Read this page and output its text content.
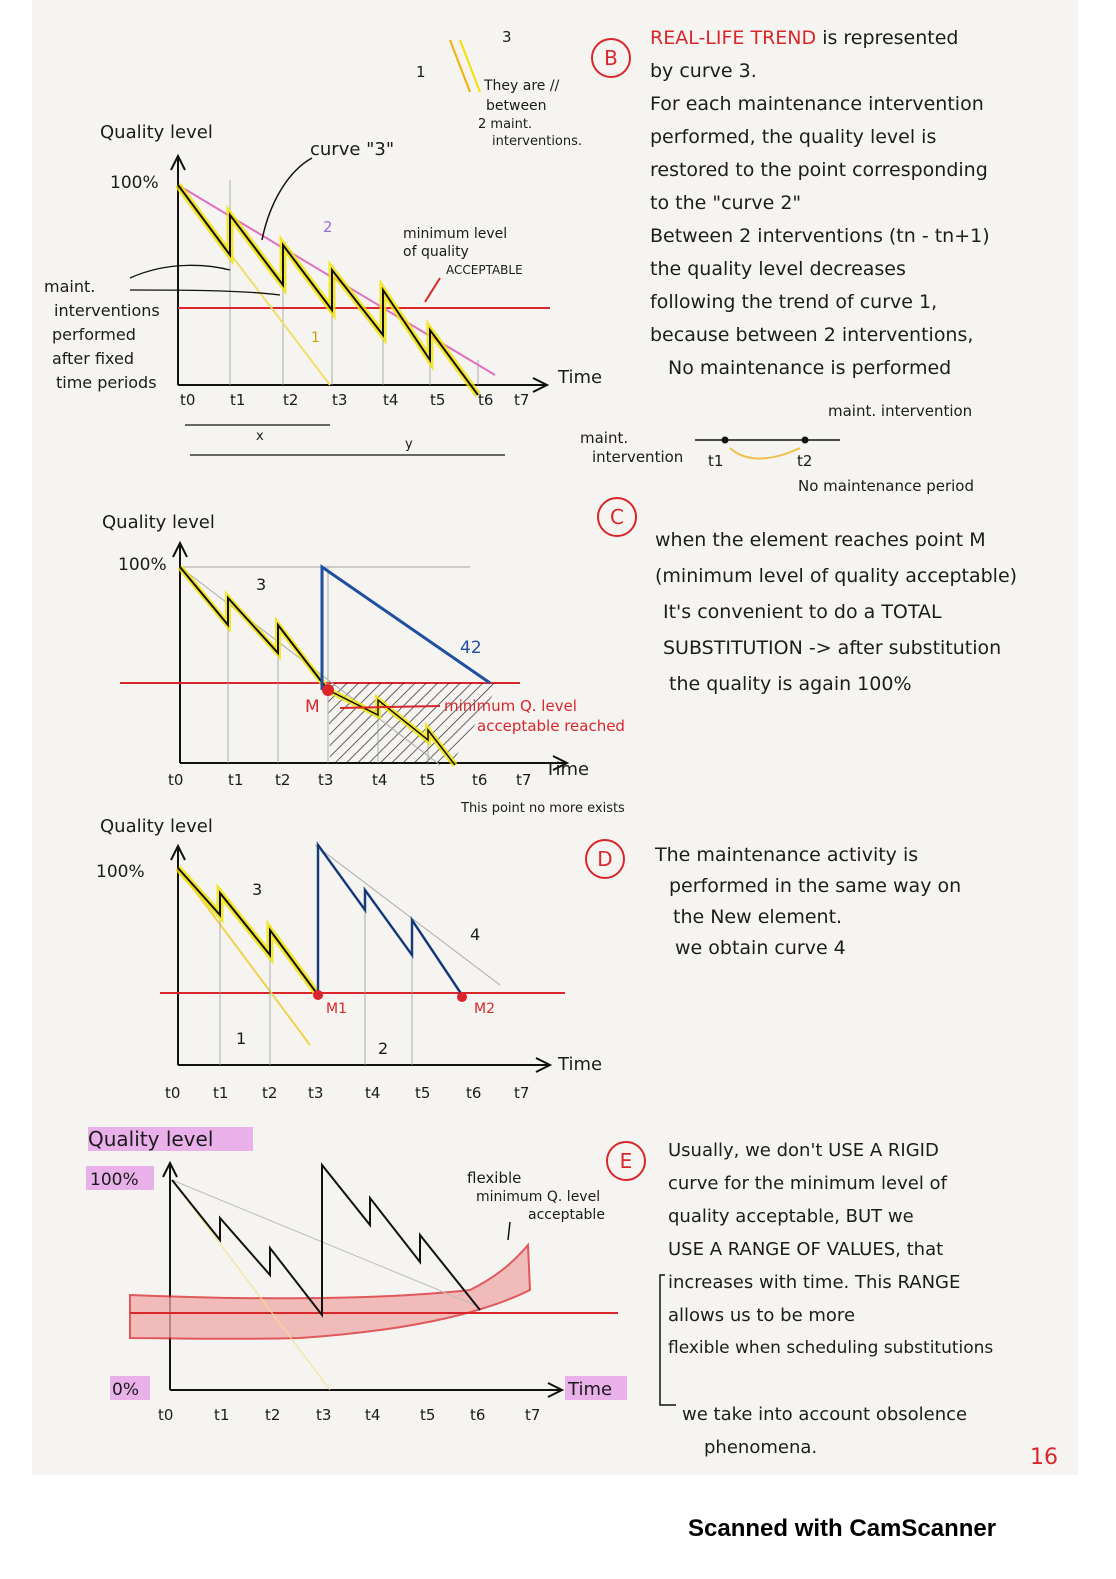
Quality level
100%
Time
t0 t1	t2 t3 t4 t5 t6 t7
curve "3"
2
1
1
3
They are //
between
2 maint.
interventions.
minimum level
of quality
ACCEPTABLE
maint.
interventions
performed
after fixed
time periods
x
y	maint.
intervention
maint. intervention
t1	t2
No maintenance period
M
Quality level
100%
Time
t0	t1 t2 t3	t4 t5 t6 t7
3
42
minimum Q. level
acceptable reached
This point no more exists
Quality level
100%
Time
t0 t1 t2 t3	t4 t5 t6 t7
3
4
1
2
M1	M2
Quality level
100%
0%	Time
t0	t1 t2 t3 t4	t5 t6	t7
flexible
minimum Q. level
acceptable
B
C
D
E
REAL-LIFE TREND is represented
by curve 3.
For each maintenance intervention
performed, the quality level is
restored to the point corresponding
to the "curve 2"
Between 2 interventions (tn - tn+1)
the quality level decreases
following the trend of curve 1,
because between 2 interventions,
No maintenance is performed
when the element reaches point M
(minimum level of quality acceptable)
It's convenient to do a TOTAL
SUBSTITUTION -> after substitution
the quality is again 100%
The maintenance activity is
performed in the same way on
the New element.
we obtain curve 4
Usually, we don't USE A RIGID
curve for the minimum level of
quality acceptable, BUT we
USE A RANGE OF VALUES, that
increases with time. This RANGE
allows us to be more
flexible when scheduling substitutions

we take into account obsolence
phenomena.	16
Scanned with CamScanner
